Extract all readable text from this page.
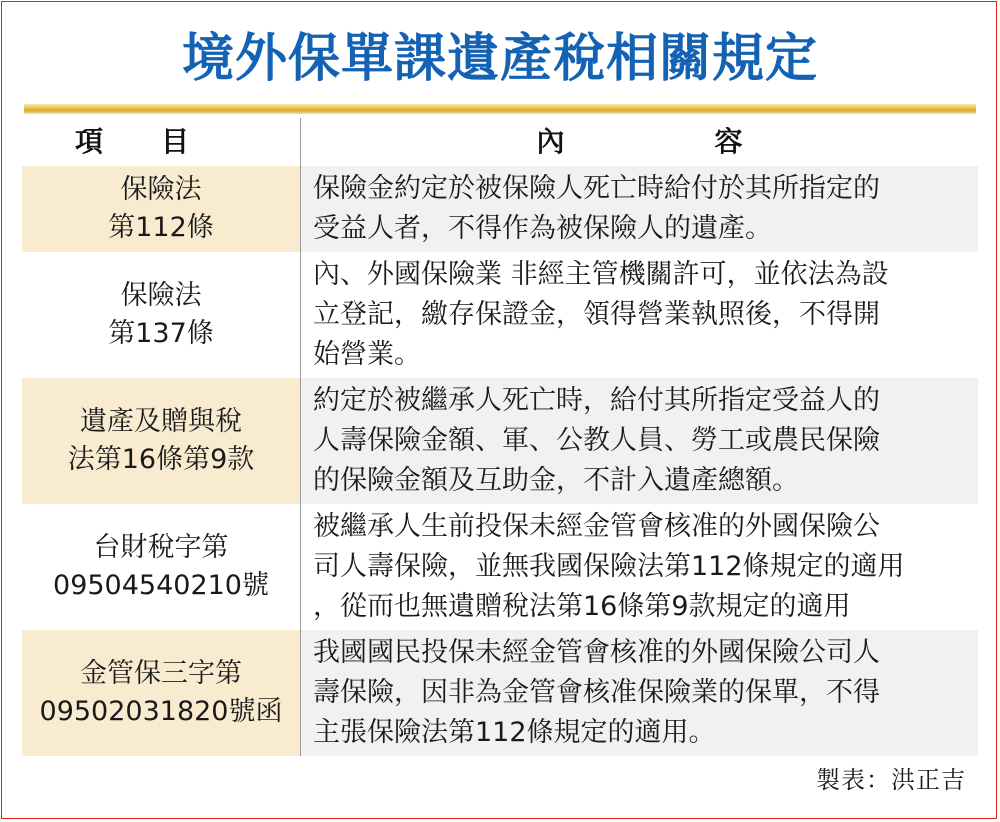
境外保單課遺產稅相關規定
項目	內容
保險法
第112條
保險金約定於被保險人死亡時給付於其所指定的
受益人者，不得作為被保險人的遺產。
保險法
第137條
內、外國保險業 非經主管機關許可，並依法為設
立登記，繳存保證金，領得營業執照後，不得開
始營業。
遺產及贈與稅
法第16條第9款
約定於被繼承人死亡時，給付其所指定受益人的
人壽保險金額、軍、公教人員、勞工或農民保險
的保險金額及互助金，不計入遺產總額。
台財稅字第
09504540210號
被繼承人生前投保未經金管會核准的外國保險公
司人壽保險，並無我國保險法第112條規定的適用
，從而也無遺贈稅法第16條第9款規定的適用
金管保三字第
09502031820號函
我國國民投保未經金管會核准的外國保險公司人
壽保險，因非為金管會核准保險業的保單，不得
主張保險法第112條規定的適用。
製表：洪正吉
